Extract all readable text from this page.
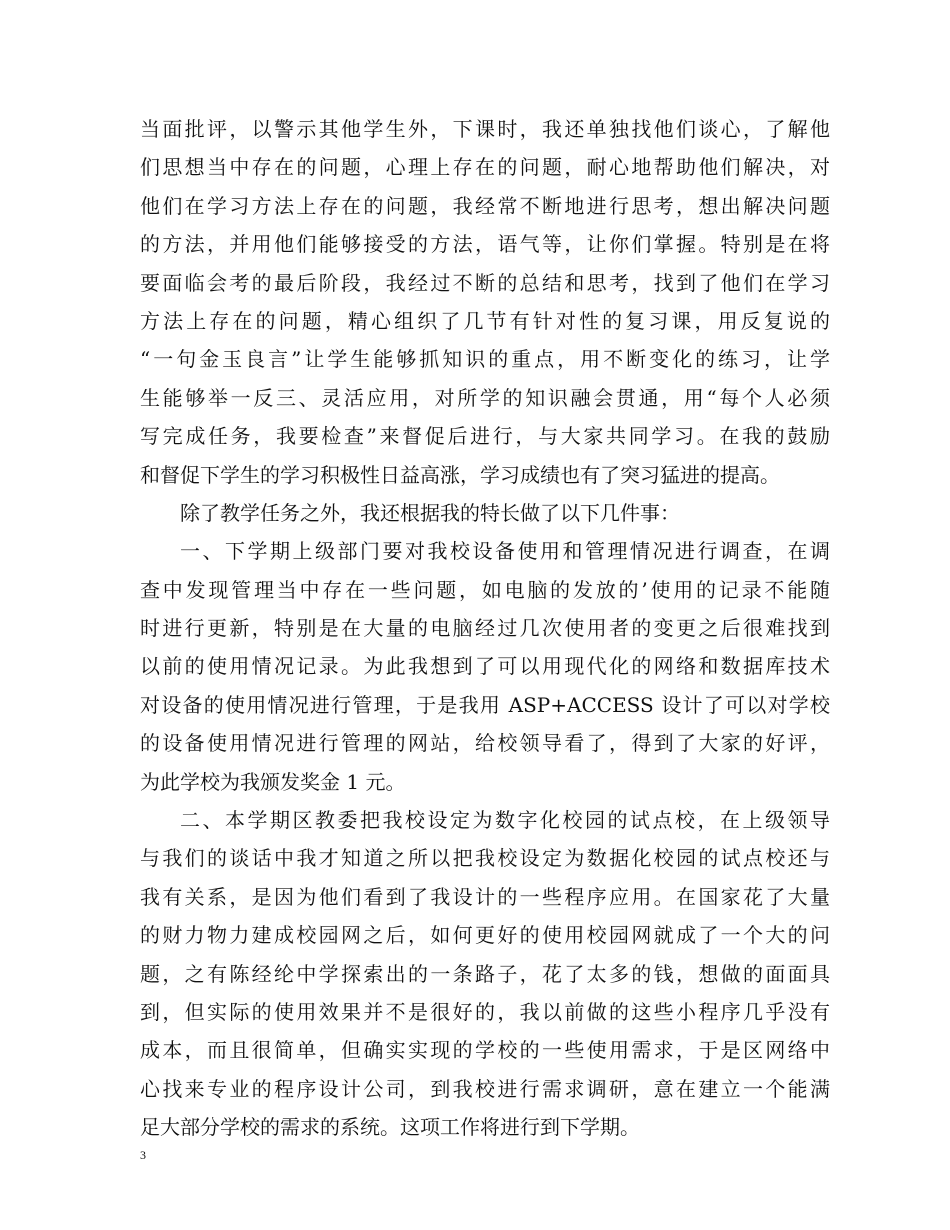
当面批评，以警示其他学生外，下课时，我还单独找他们谈心，了解他
们思想当中存在的问题，心理上存在的问题，耐心地帮助他们解决，对
他们在学习方法上存在的问题，我经常不断地进行思考，想出解决问题
的方法，并用他们能够接受的方法，语气等，让你们掌握。特别是在将
要面临会考的最后阶段，我经过不断的总结和思考，找到了他们在学习
方法上存在的问题，精心组织了几节有针对性的复习课，用反复说的
“一句金玉良言”让学生能够抓知识的重点，用不断变化的练习，让学
生能够举一反三、灵活应用，对所学的知识融会贯通，用“每个人必须
写完成任务，我要检查”来督促后进行，与大家共同学习。在我的鼓励
和督促下学生的学习积极性日益高涨，学习成绩也有了突习猛进的提高。
除了教学任务之外，我还根据我的特长做了以下几件事：
一、下学期上级部门要对我校设备使用和管理情况进行调查，在调
查中发现管理当中存在一些问题，如电脑的发放的’使用的记录不能随
时进行更新，特别是在大量的电脑经过几次使用者的变更之后很难找到
以前的使用情况记录。为此我想到了可以用现代化的网络和数据库技术
对设备的使用情况进行管理，于是我用 ASP+ACCESS 设计了可以对学校
的设备使用情况进行管理的网站，给校领导看了，得到了大家的好评，
为此学校为我颁发奖金 1 元。
二、本学期区教委把我校设定为数字化校园的试点校，在上级领导
与我们的谈话中我才知道之所以把我校设定为数据化校园的试点校还与
我有关系，是因为他们看到了我设计的一些程序应用。在国家花了大量
的财力物力建成校园网之后，如何更好的使用校园网就成了一个大的问
题，之有陈经纶中学探索出的一条路子，花了太多的钱，想做的面面具
到，但实际的使用效果并不是很好的，我以前做的这些小程序几乎没有
成本，而且很简单，但确实实现的学校的一些使用需求，于是区网络中
心找来专业的程序设计公司，到我校进行需求调研，意在建立一个能满
足大部分学校的需求的系统。这项工作将进行到下学期。
3
